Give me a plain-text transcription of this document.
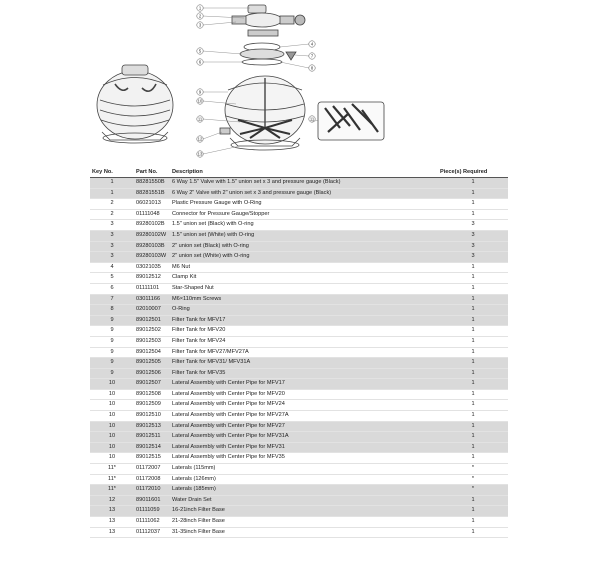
1
2
3
4
5
6
7
8
9
10
11	11
12
13
Key No.	Part No.	Description	Piece(s) Required
1	88281550B	6 Way 1.5" Valve with 1.5" union set x 3 and pressure gauge (Black)	1
1	88281551B	6 Way 2" Valve with 2" union set x 3 and pressure gauge (Black)	1
2	06021013	Plastic Pressure Gauge with O-Ring	1
2	01111048	Connector for Pressure Gauge/Stopper	1
3	89280102B	1.5" union set (Black) with O-ring	3
3	89280102W	1.5" union set (White) with O-ring	3
3	89280103B	2" union set (Black) with O-ring	3
3	89280103W	2" union set (White) with O-ring	3
4	03021035	M6 Nut	1
5	89012512	Clamp Kit	1
6	01111101	Star-Shaped Nut	1
7	03011166	M6×110mm Screws	1
8	02010007	O-Ring	1
9	89012501	Filter Tank for MFV17	1
9	89012502	Filter Tank for MFV20	1
9	89012503	Filter Tank for MFV24	1
9	89012504	Filter Tank for MFV27/MFV27A	1
9	89012505	Filter Tank for MFV31/ MFV31A	1
9	89012506	Filter Tank for MFV35	1
10	89012507	Lateral Assembly with Center Pipe for MFV17	1
10	89012508	Lateral Assembly with Center Pipe for MFV20	1
10	89012509	Lateral Assembly with Center Pipe for MFV24	1
10	89012510	Lateral Assembly with Center Pipe for MFV27A	1
10	89012513	Lateral Assembly with Center Pipe for MFV27	1
10	89012511	Lateral Assembly with Center Pipe for MFV31A	1
10	89012514	Lateral Assembly with Center Pipe for MFV31	1
10	89012515	Lateral Assembly with Center Pipe for MFV35	1
11*	01172007	Laterals (115mm)	*
11*	01172008	Laterals (126mm)	*
11*	01172010	Laterals (185mm)	*
12	89011601	Water Drain Set	1
13	01111059	16-21inch Filter Base	1
13	01111062	21-28inch Filter Base	1
13	01112037	31-35inch Filter Base	1
